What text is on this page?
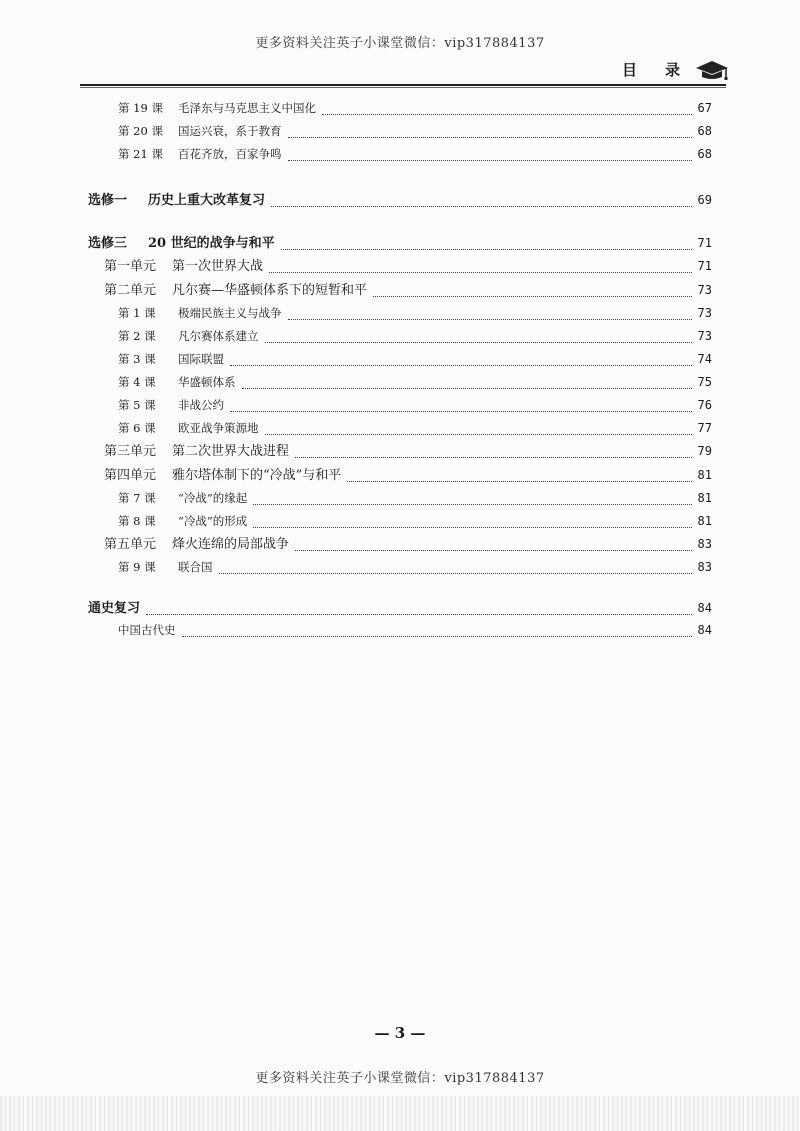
更多资料关注英子小课堂微信：vip317884137
目 录
第 19 课	毛泽东与马克思主义中国化	67
第 20 课	国运兴衰，系于教育	68
第 21 课	百花齐放，百家争鸣	68
选修一	历史上重大改革复习	69
选修三	20 世纪的战争与和平	71
第一单元	第一次世界大战	71
第二单元	凡尔赛—华盛顿体系下的短暂和平	73
第 1 课	极端民族主义与战争	73
第 2 课	凡尔赛体系建立	73
第 3 课	国际联盟	74
第 4 课	华盛顿体系	75
第 5 课	非战公约	76
第 6 课	欧亚战争策源地	77
第三单元	第二次世界大战进程	79
第四单元	雅尔塔体制下的“冷战”与和平	81
第 7 课	“冷战”的缘起	81
第 8 课	“冷战”的形成	81
第五单元	烽火连绵的局部战争	83
第 9 课	联合国	83
通史复习	84
中国古代史	84
— 3 —
更多资料关注英子小课堂微信：vip317884137
